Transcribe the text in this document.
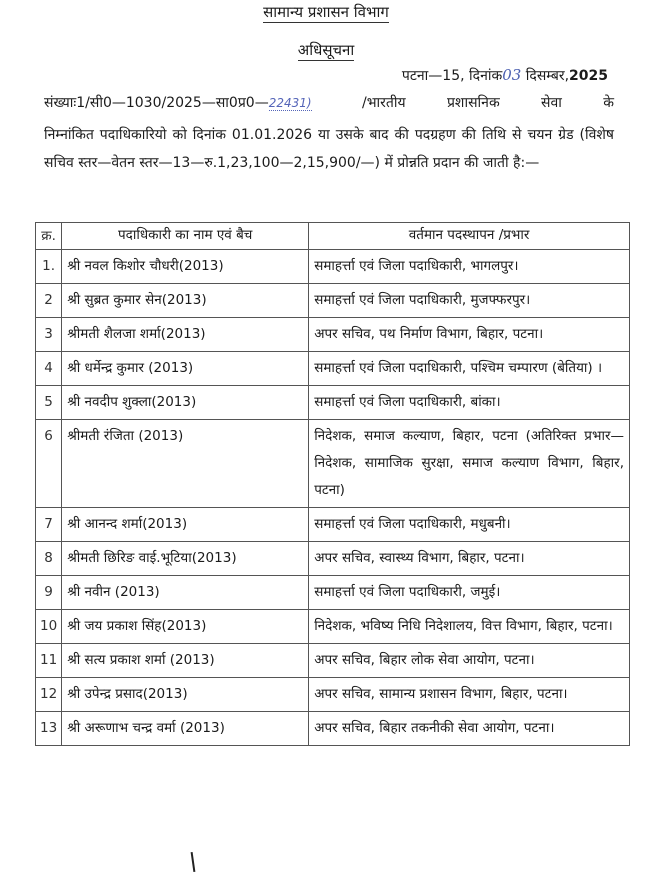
सामान्य प्रशासन विभाग
अधिसूचना
पटना—15, दिनांक03 दिसम्बर,2025
संख्याः1/सी0—1030/2025—सा0प्र0—22431)	/भारतीय	प्रशासनिक	सेवा	के
निम्नांकित पदाधिकारियो को दिनांक 01.01.2026 या उसके बाद की पदग्रहण की तिथि से चयन ग्रेड (विशेष सचिव स्तर—वेतन स्तर—13—रु.1,23,100—2,15,900/—) में प्रोन्नति प्रदान की जाती है:—
क्र.	पदाधिकारी का नाम एवं बैच	वर्तमान पदस्थापन /प्रभार
1.	श्री नवल किशोर चौधरी(2013)	समाहर्त्ता एवं जिला पदाधिकारी, भागलपुर।
2	श्री सुब्रत कुमार सेन(2013)	समाहर्त्ता एवं जिला पदाधिकारी, मुजफ्फरपुर।
3	श्रीमती शैलजा शर्मा(2013)	अपर सचिव, पथ निर्माण विभाग, बिहार, पटना।
4	श्री धर्मेन्द्र कुमार (2013)	समाहर्त्ता एवं जिला पदाधिकारी, पश्चिम चम्पारण (बेतिया) ।
5	श्री नवदीप शुक्ला(2013)	समाहर्त्ता एवं जिला पदाधिकारी, बांका।
6	श्रीमती रंजिता (2013)	निदेशक, समाज कल्याण, बिहार, पटना (अतिरिक्त प्रभार—निदेशक, सामाजिक सुरक्षा, समाज कल्याण विभाग, बिहार, पटना)
7	श्री आनन्द शर्मा(2013)	समाहर्त्ता एवं जिला पदाधिकारी, मधुबनी।
8	श्रीमती छिरिङ वाई.भूटिया(2013)	अपर सचिव, स्वास्थ्य विभाग, बिहार, पटना।
9	श्री नवीन (2013)	समाहर्त्ता एवं जिला पदाधिकारी, जमुई।
10	श्री जय प्रकाश सिंह(2013)	निदेशक, भविष्य निधि निदेशालय, वित्त विभाग, बिहार, पटना।
11	श्री सत्य प्रकाश शर्मा (2013)	अपर सचिव, बिहार लोक सेवा आयोग, पटना।
12	श्री उपेन्द्र प्रसाद(2013)	अपर सचिव, सामान्य प्रशासन विभाग, बिहार, पटना।
13	श्री अरूणाभ चन्द्र वर्मा (2013)	अपर सचिव, बिहार तकनीकी सेवा आयोग, पटना।
